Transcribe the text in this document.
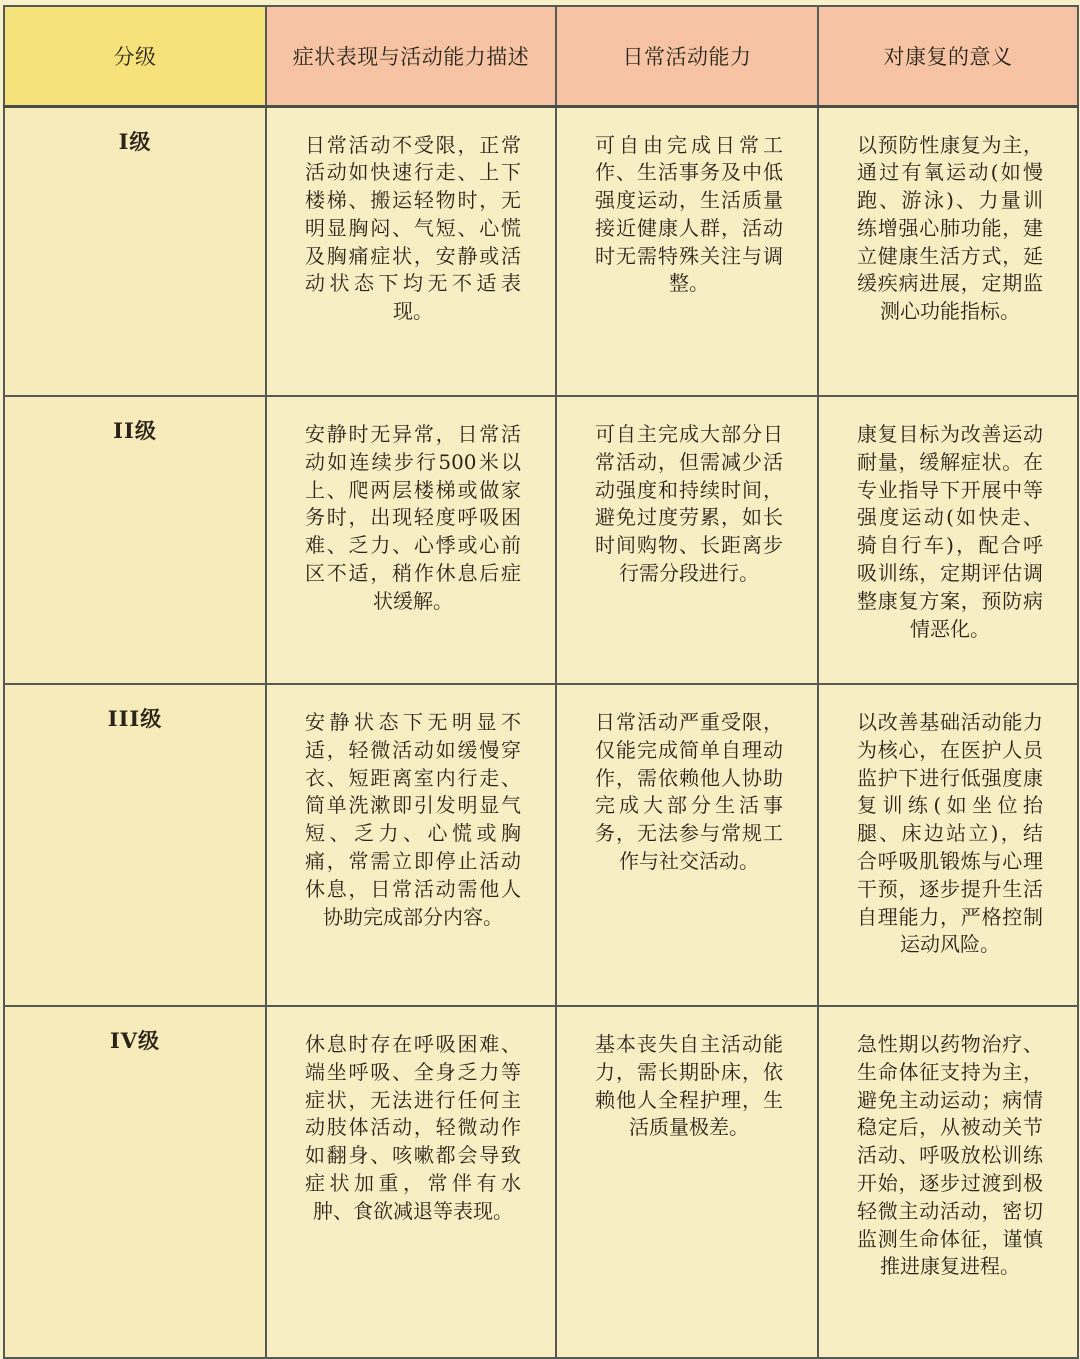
分级	症状表现与活动能力描述	日常活动能力	对康复的意义
I级	日常活动不受限，正常活动如快速行走、上下楼梯、搬运轻物时，无明显胸闷、气短、心慌及胸痛症状，安静或活动状态下均无不适表现。	可自由完成日常工作、生活事务及中低强度运动，生活质量接近健康人群，活动时无需特殊关注与调整。	以预防性康复为主，通过有氧运动(如慢跑、游泳)、力量训练增强心肺功能，建立健康生活方式，延缓疾病进展，定期监测心功能指标。
II级	安静时无异常，日常活动如连续步行500米以上、爬两层楼梯或做家务时，出现轻度呼吸困难、乏力、心悸或心前区不适，稍作休息后症状缓解。	可自主完成大部分日常活动，但需减少活动强度和持续时间，避免过度劳累，如长时间购物、长距离步行需分段进行。	康复目标为改善运动耐量，缓解症状。在专业指导下开展中等强度运动(如快走、骑自行车)，配合呼吸训练，定期评估调整康复方案，预防病情恶化。
III级	安静状态下无明显不适，轻微活动如缓慢穿衣、短距离室内行走、简单洗漱即引发明显气短、乏力、心慌或胸痛，常需立即停止活动休息，日常活动需他人协助完成部分内容。	日常活动严重受限，仅能完成简单自理动作，需依赖他人协助完成大部分生活事务，无法参与常规工作与社交活动。	以改善基础活动能力为核心，在医护人员监护下进行低强度康复训练(如坐位抬腿、床边站立)，结合呼吸肌锻炼与心理干预，逐步提升生活自理能力，严格控制运动风险。
IV级	休息时存在呼吸困难、端坐呼吸、全身乏力等症状，无法进行任何主动肢体活动，轻微动作如翻身、咳嗽都会导致症状加重，常伴有水肿、食欲减退等表现。	基本丧失自主活动能力，需长期卧床，依赖他人全程护理，生活质量极差。	急性期以药物治疗、生命体征支持为主，避免主动运动；病情稳定后，从被动关节活动、呼吸放松训练开始，逐步过渡到极轻微主动活动，密切监测生命体征，谨慎推进康复进程。
